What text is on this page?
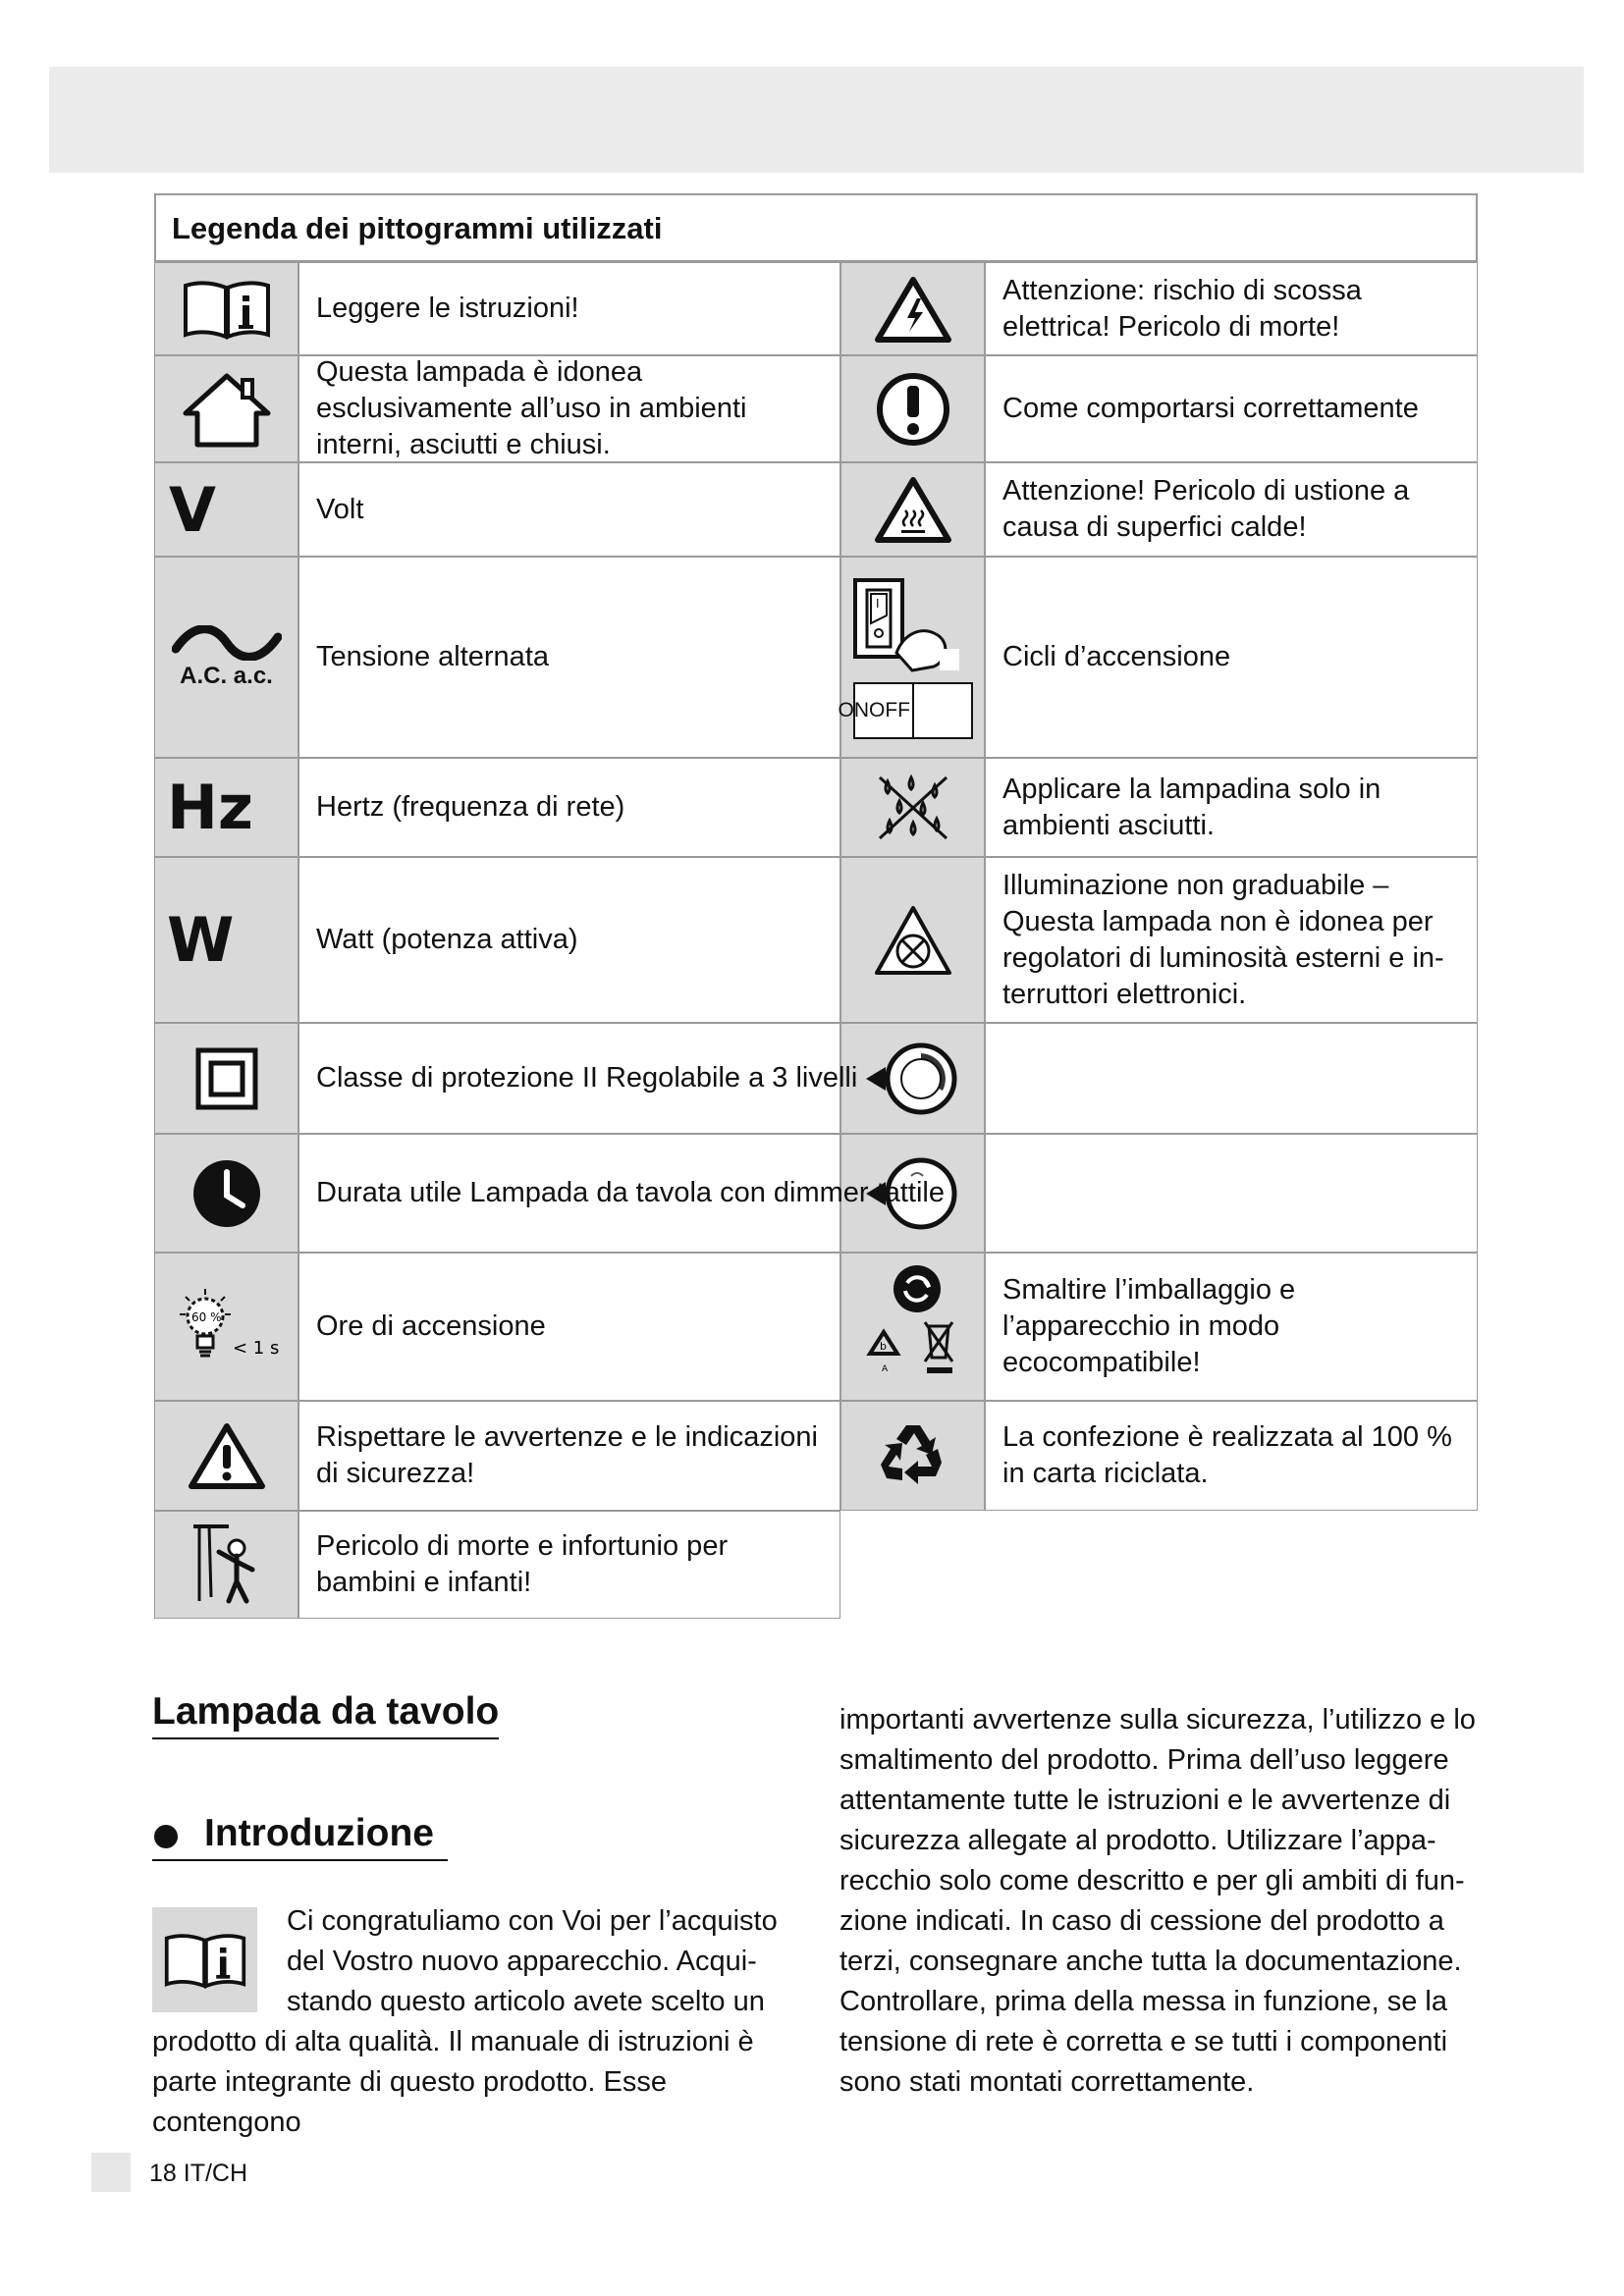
Legenda dei pittogrammi utilizzati
Leggere le istruzioni!
Attenzione: rischio di scossa elettrica! Pericolo di morte!
Questa lampada è idonea esclusivamente all’uso in ambienti interni, asciutti e chiusi.
Come comportarsi correttamente
V	Volt
Attenzione! Pericolo di ustione a causa di superfici calde!
A.C. a.c.
Tensione alternata
I
ONOFF
Cicli d’accensione
Hz Hertz (frequenza di rete)
Applicare la lampadina solo in ambienti asciutti.
W	Watt (potenza attiva)
Illuminazione non graduabile – Questa lampada non è idonea per regolatori di luminosità esterni e in-terruttori elettronici.
Classe di protezione II Regolabile a 3 livelli
Durata utile Lampada da tavola con dimmer tattile
60 %
< 1 s
Ore di accensione
b
A
Smaltire l’imballaggio e l’apparecchio in modo ecocompatibile!
Rispettare le avvertenze e le indicazioni di sicurezza!
La confezione è realizzata al 100 % in carta riciclata.
Pericolo di morte e infortunio per bambini e infanti!
Lampada da tavolo
Introduzione
Ci congratuliamo con Voi per l’acquisto
del Vostro nuovo apparecchio. Acqui-
stando questo articolo avete scelto un
prodotto di alta qualità. Il manuale di istruzioni è
parte integrante di questo prodotto. Esse contengono
importanti avvertenze sulla sicurezza, l’utilizzo e lo
smaltimento del prodotto. Prima dell’uso leggere
attentamente tutte le istruzioni e le avvertenze di
sicurezza allegate al prodotto. Utilizzare l’appa-
recchio solo come descritto e per gli ambiti di fun-
zione indicati. In caso di cessione del prodotto a
terzi, consegnare anche tutta la documentazione.
Controllare, prima della messa in funzione, se la
tensione di rete è corretta e se tutti i componenti
sono stati montati correttamente.
18 IT/CH
